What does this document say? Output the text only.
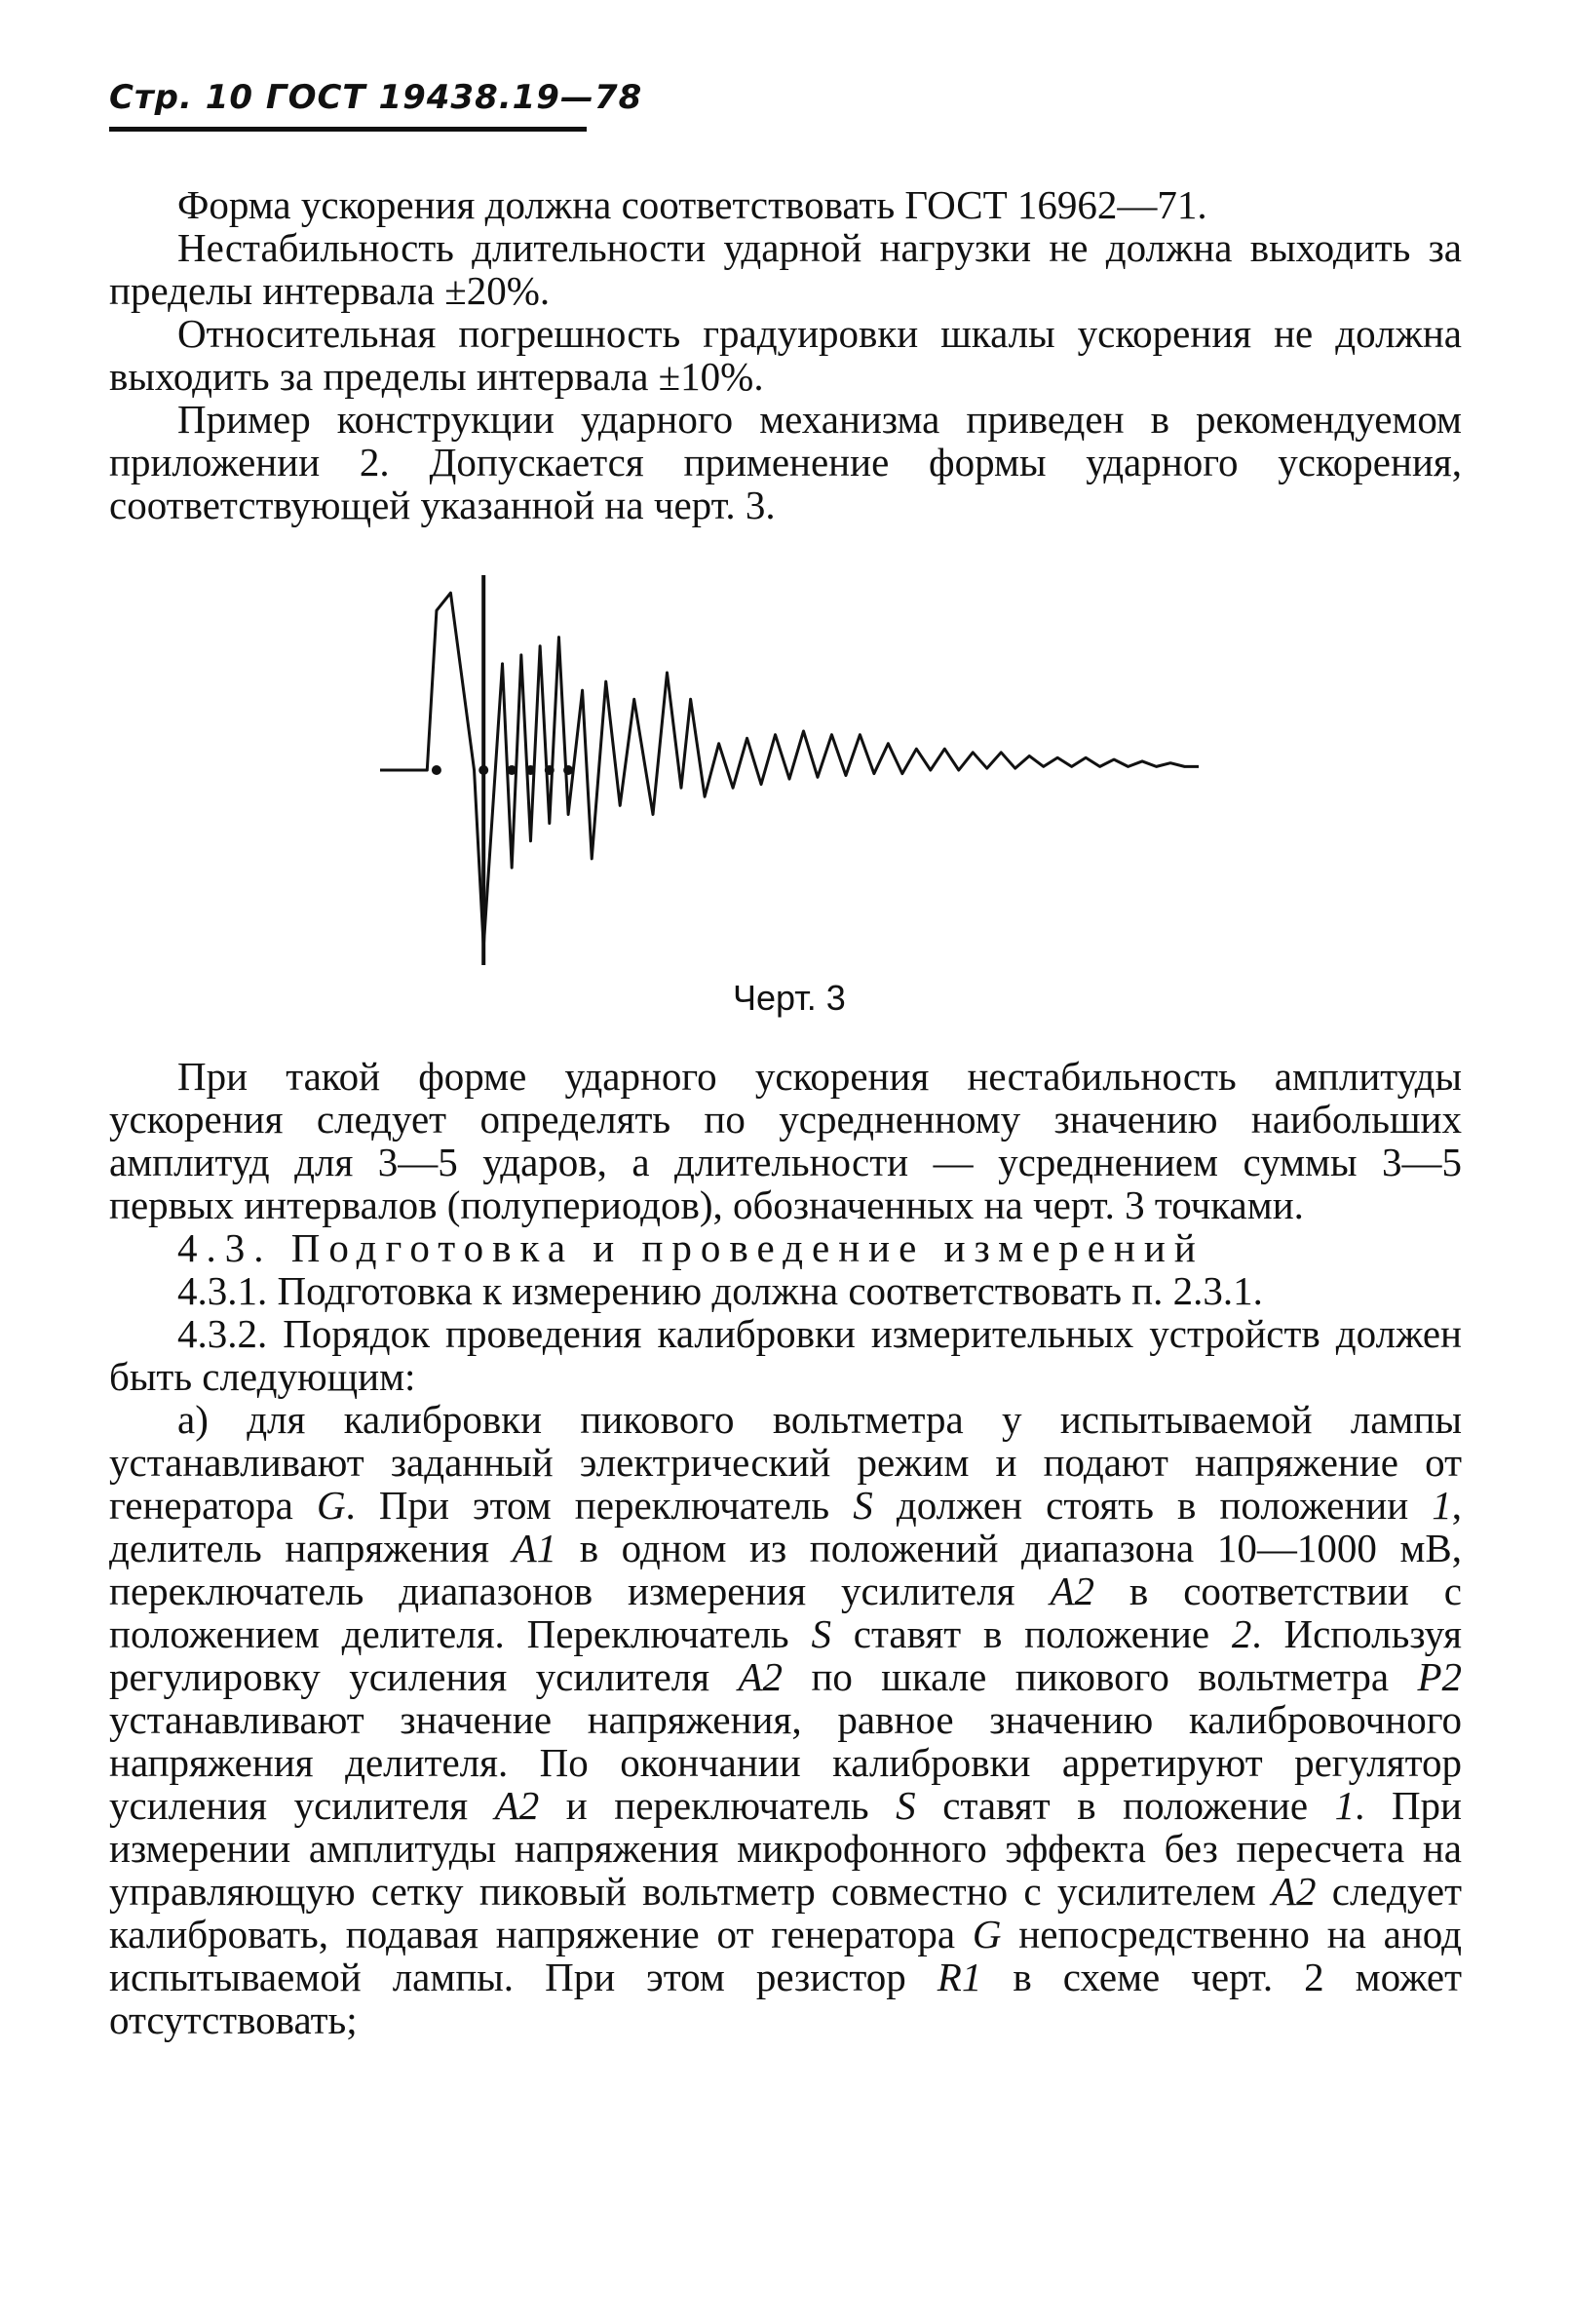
Стр. 10 ГОСТ 19438.19—78

Форма ускорения должна соответствовать ГОСТ 16962—71.

Нестабильность длительности ударной нагрузки не должна выходить за пределы интервала ±20%.

Относительная погрешность градуировки шкалы ускорения не должна выходить за пределы интервала ±10%.

Пример конструкции ударного механизма приведен в рекомендуемом приложении 2. Допускается применение формы ударного ускорения, соответствующей указанной на черт. 3.

Черт. 3

При такой форме ударного ускорения нестабильность амплитуды ускорения следует определять по усредненному значению наибольших амплитуд для 3—5 ударов, а длительности — усреднением суммы 3—5 первых интервалов (полупериодов), обозначенных на черт. 3 точками.

4.3. Подготовка и проведение измерений

4.3.1. Подготовка к измерению должна соответствовать п. 2.3.1.

4.3.2. Порядок проведения калибровки измерительных устройств должен быть следующим:

а) для калибровки пикового вольтметра у испытываемой лампы устанавливают заданный электрический режим и подают напряжение от генератора G. При этом переключатель S должен стоять в положении 1, делитель напряжения A1 в одном из положений диапазона 10—1000 мВ, переключатель диапазонов измерения усилителя A2 в соответствии с положением делителя. Переключатель S ставят в положение 2. Используя регулировку усиления усилителя A2 по шкале пикового вольтметра P2 устанавливают значение напряжения, равное значению калибровочного напряжения делителя. По окончании калибровки арретируют регулятор усиления усилителя A2 и переключатель S ставят в положение 1. При измерении амплитуды напряжения микрофонного эффекта без пересчета на управляющую сетку пиковый вольтметр совместно с усилителем A2 следует калибровать, подавая напряжение от генератора G непосредственно на анод испытываемой лампы. При этом резистор R1 в схеме черт. 2 может отсутствовать;
